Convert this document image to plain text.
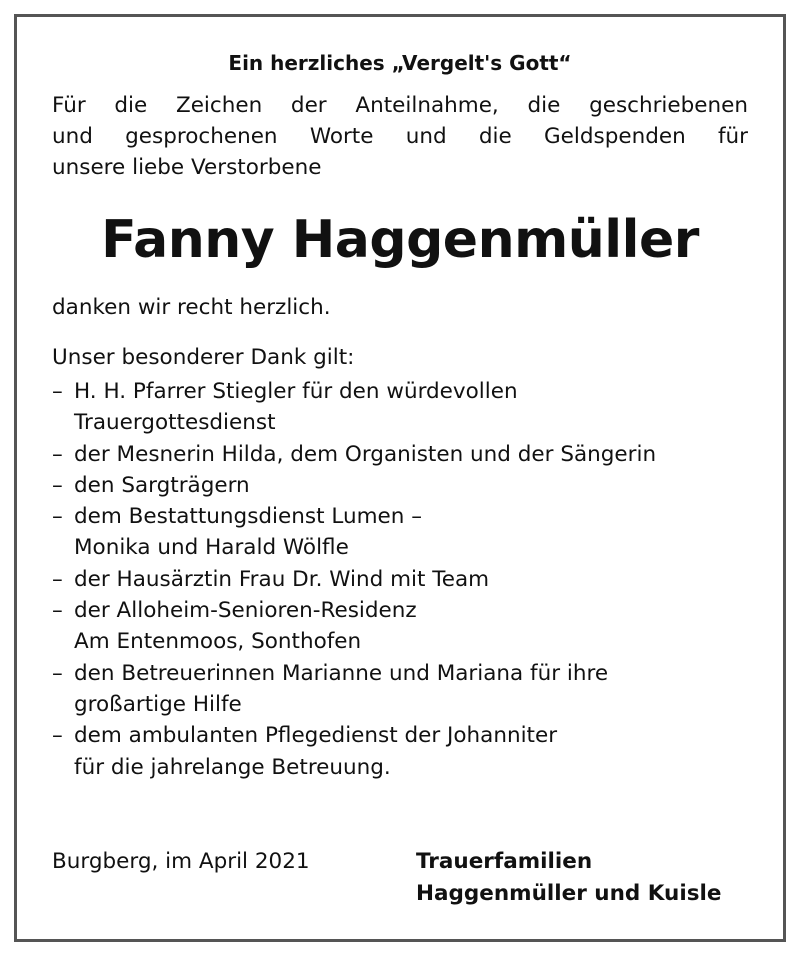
Ein herzliches „Vergelt's Gott“
Für die Zeichen der Anteilnahme, die geschriebenen
und gesprochenen Worte und die Geldspenden für
unsere liebe Verstorbene
Fanny Haggenmüller
danken wir recht herzlich.
Unser besonderer Dank gilt:
– H. H. Pfarrer Stiegler für den würdevollen
Trauergottesdienst
– der Mesnerin Hilda, dem Organisten und der Sängerin
– den Sargträgern
– dem Bestattungsdienst Lumen –
Monika und Harald Wölfle
– der Hausärztin Frau Dr. Wind mit Team
– der Alloheim-Senioren-Residenz
Am Entenmoos, Sonthofen
– den Betreuerinnen Marianne und Mariana für ihre
großartige Hilfe
– dem ambulanten Pflegedienst der Johanniter
für die jahrelange Betreuung.
Burgberg, im April 2021	Trauerfamilien
Haggenmüller und Kuisle
